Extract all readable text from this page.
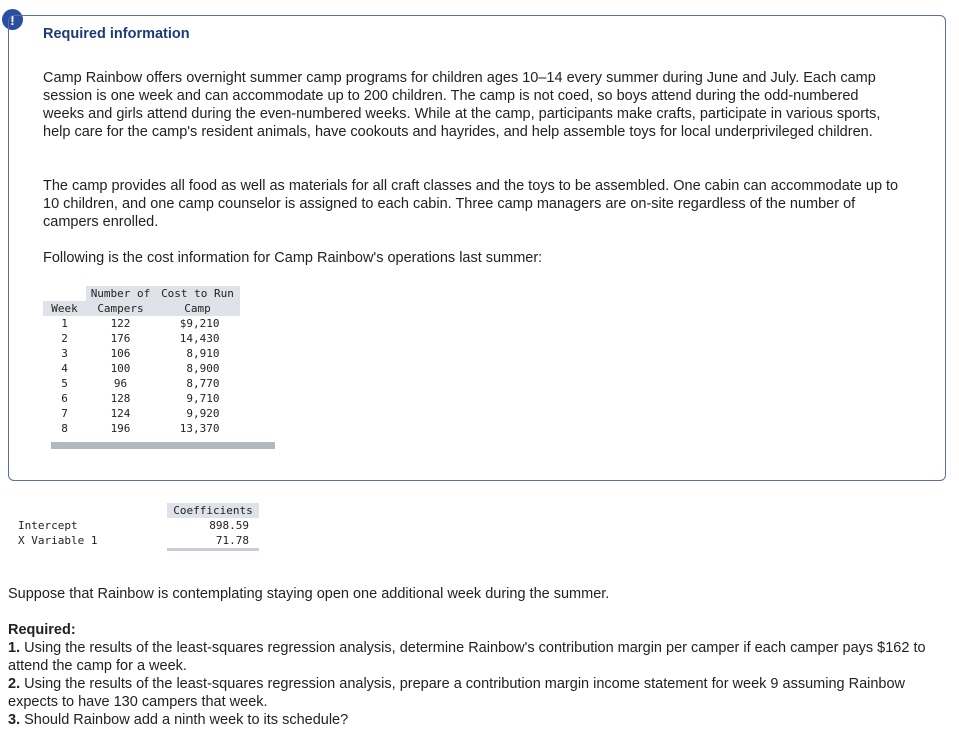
!
Required information

Camp Rainbow offers overnight summer camp programs for children ages 10–14 every summer during June and July. Each camp session is one week and can accommodate up to 200 children. The camp is not coed, so boys attend during the odd-numbered weeks and girls attend during the even-numbered weeks. While at the camp, participants make crafts, participate in various sports, help care for the camp's resident animals, have cookouts and hayrides, and help assemble toys for local underprivileged children.

The camp provides all food as well as materials for all craft classes and the toys to be assembled. One cabin can accommodate up to 10 children, and one camp counselor is assigned to each cabin. Three camp managers are on-site regardless of the number of campers enrolled.

Following is the cost information for Camp Rainbow's operations last summer:

	Number of	Cost to Run
Week	Campers	Camp
1	122	$9,210
2	176	14,430
3	106	8,910
4	100	8,900
5	96	8,770
6	128	9,710
7	124	9,920
8	196	13,370
Coefficients
Intercept	898.59
X Variable 1	71.78

Suppose that Rainbow is contemplating staying open one additional week during the summer.

Required:
1. Using the results of the least-squares regression analysis, determine Rainbow's contribution margin per camper if each camper pays $162 to attend the camp for a week.
2. Using the results of the least-squares regression analysis, prepare a contribution margin income statement for week 9 assuming Rainbow expects to have 130 campers that week.
3. Should Rainbow add a ninth week to its schedule?
